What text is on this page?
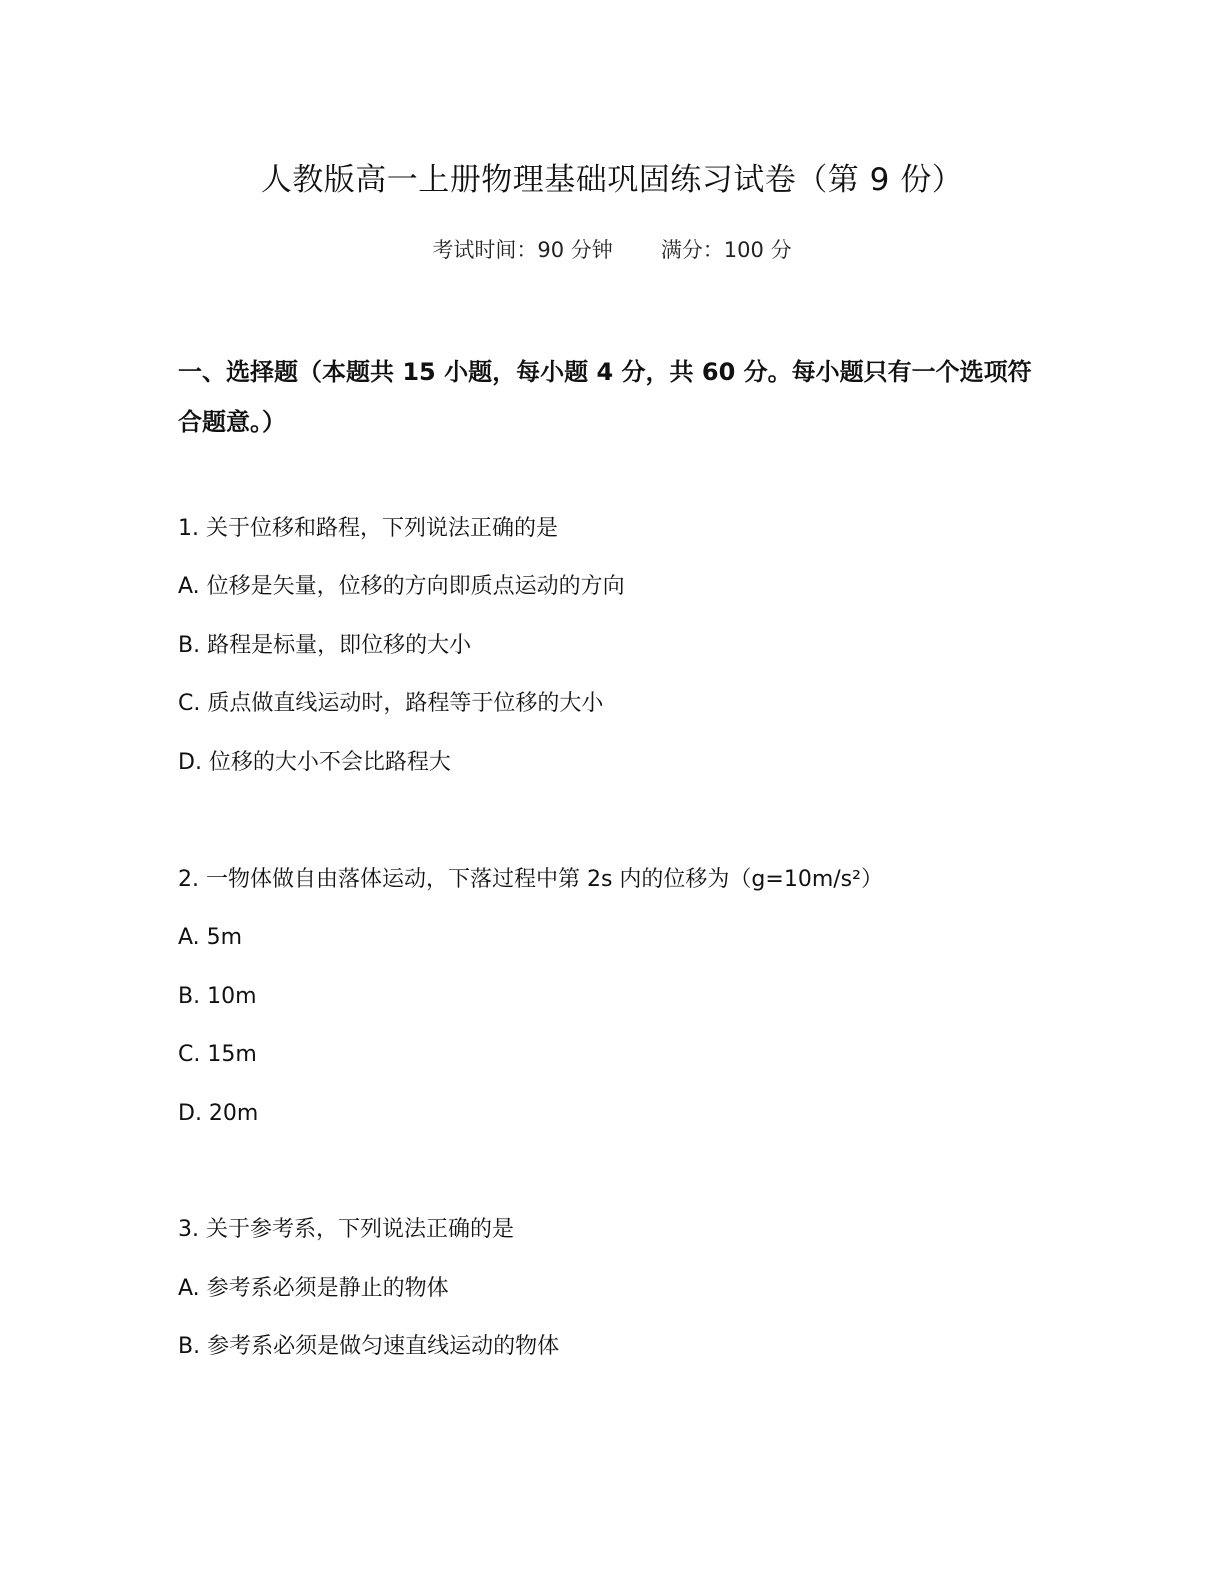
人教版高一上册物理基础巩固练习试卷（第 9 份）
考试时间：90 分钟 满分：100 分
一、选择题（本题共 15 小题，每小题 4 分，共 60 分。每小题只有一个选项符合题意。）
1. 关于位移和路程，下列说法正确的是
A. 位移是矢量，位移的方向即质点运动的方向
B. 路程是标量，即位移的大小
C. 质点做直线运动时，路程等于位移的大小
D. 位移的大小不会比路程大
2. 一物体做自由落体运动，下落过程中第 2s 内的位移为（g=10m/s²）
A. 5m
B. 10m
C. 15m
D. 20m
3. 关于参考系，下列说法正确的是
A. 参考系必须是静止的物体
B. 参考系必须是做匀速直线运动的物体
